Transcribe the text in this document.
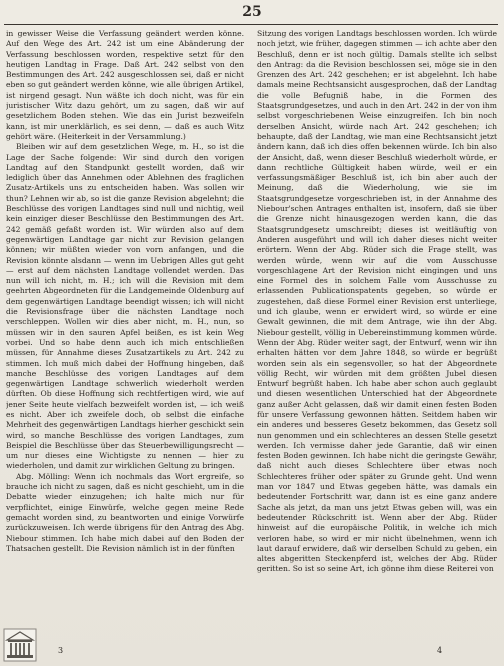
25

in gewisser Weise die Verfassung geändert werden könne. Auf den Wege des Art. 242 ist um eine Abänderung der Verfassung beschlossen worden, respektive setzt für den heutigen Landtag in Frage. Daß Art. 242 selbst von den Bestimmungen des Art. 242 ausgeschlossen sei, daß er nicht eben so gut geändert werden könne, wie alle übrigen Artikel, ist nirgend gesagt. Nun wäßte ich doch nicht, was für ein juristischer Witz dazu gehört, um zu sagen, daß wir auf gesetzlichem Boden stehen. Wie das ein Jurist bezweifeln kann, ist mir unerklärlich, es sei denn, — daß es auch Witz gehört wäre. (Heiterkeit in der Versammlung.)

Bleiben wir auf dem gesetzlichen Wege, m. H., so ist die Lage der Sache folgende: Wir sind durch den vorigen Landtag auf den Standpunkt gestellt worden, daß wir lediglich über das Annehmen oder Ablehnen des fraglichen Zusatz-Artikels uns zu entscheiden haben. Was sollen wir thun? Lehnen wir ab, so ist die ganze Revision abgelehnt; die Beschlüsse des vorigen Landtages sind null und nichtig, weil kein einziger dieser Beschlüsse den Bestimmungen des Art. 242 gemäß gefaßt worden ist. Wir würden also auf dem gegenwärtigen Landtage gar nicht zur Revision gelangen können; wir müßten wieder von vorn anfangen, und die Revision könnte alsdann — wenn im Uebrigen Alles gut geht — erst auf dem nächsten Landtage vollendet werden. Das nun will ich nicht, m. H.; ich will die Revision mit dem geehrten Abgeordneten für die Landgemeinde Oldenburg auf dem gegenwärtigen Landtage beendigt wissen; ich will nicht die Revisionsfrage über die nächsten Landtage noch verschleppen. Wollen wir dies aber nicht, m. H., nun, so müssen wir in den sauren Apfel beißen, es ist kein Weg vorbei. Und so habe denn auch ich mich entschließen müssen, für Annahme dieses Zusatzartikels zu Art. 242 zu stimmen. Ich muß mich dabei der Hoffnung hingeben, daß manche Beschlüsse des vorigen Landtages auf dem gegenwärtigen Landtage schwerlich wiederholt werden dürften. Ob diese Hoffnung sich rechtfertigen wird, wie auf jener Seite heute vielfach bezweifelt worden ist, — ich weiß es nicht. Aber ich zweifele doch, ob selbst die einfache Mehrheit des gegenwärtigen Landtags hierher geschickt sein wird, so manche Beschlüsse des vorigen Landtages, zum Beispiel die Beschlüsse über das Steuerbewilligungsrecht — um nur dieses eine Wichtigste zu nennen — hier zu wiederholen, und damit zur wirklichen Geltung zu bringen.

Abg. Mölling: Wenn ich nochmals das Wort ergreife, so brauche ich nicht zu sagen, daß es nicht geschieht, um in die Debatte wieder einzugehen; ich halte mich nur für verpflichtet, einige Einwürfe, welche gegen meine Rede gemacht worden sind, zu beantworten und einige Vorwürfe zurückzuweisen. Ich werde übrigens für den Antrag des Abg. Niebour stimmen. Ich habe mich dabei auf den Boden der Thatsachen gestellt. Die Revision nämlich ist in der fünften

Sitzung des vorigen Landtags beschlossen worden. Ich würde noch jetzt, wie früher, dagegen stimmen — ich achte aber den Beschluß, denn er ist noch gültig. Damals stellte ich selbst den Antrag: da die Revision beschlossen sei, möge sie in den Grenzen des Art. 242 geschehen; er ist abgelehnt. Ich habe damals meine Rechtsansicht ausgesprochen, daß der Landtag die volle Befugniß habe, in die Formen des Staatsgrundgesetzes, und auch in den Art. 242 in der von ihm selbst vorgeschriebenen Weise einzugreifen. Ich bin noch derselben Ansicht, würde nach Art. 242 geschehen; ich behaupte, daß der Landtag, wie man eine Rechtsansicht jetzt ändern kann, daß ich dies offen bekennen würde. Ich bin also der Ansicht, daß, wenn dieser Beschluß wiederholt würde, er dann rechtliche Gültigkeit haben würde, weil er ein verfassungsmäßiger Beschluß ist, ich bin aber auch der Meinung, daß die Wiederholung, wie sie im Staatsgrundgesetze vorgeschrieben ist, in der Annahme des Niebour'schen Antrages enthalten ist, insofern, daß sie über die Grenze nicht hinausgezogen werden kann, die das Staatsgrundgesetz umschreibt; dieses ist weitläuftig von Anderen ausgeführt und will ich daher dieses nicht weiter erörtern. Wenn der Abg. Rüder sich die Frage stellt, was werden würde, wenn wir auf die vom Ausschusse vorgeschlagene Art der Revision nicht eingingen und uns eine Formel des in solchem Falle vom Ausschusse zu erlassenden Publicationspatents gegeben, so würde er zugestehen, daß diese Formel einer Revision erst unterliege, und ich glaube, wenn er erwidert wird, so würde er eine Gewalt gewinnen, die mit dem Antrage, wie ihn der Abg. Niebour gestellt, völlig in Uebereinstimmung kommen würde. Wenn der Abg. Rüder weiter sagt, der Entwurf, wenn wir ihn erhalten hätten vor dem Jahre 1848, so würde er begrüßt worden sein als ein segensvoller, so hat der Abgeordnete völlig Recht, wir würden mit dem größten Jubel diesen Entwurf begrüßt haben. Ich habe aber schon auch geglaubt und diesen wesentlichen Unterschied hat der Abgeordnete ganz außer Acht gelassen, daß wir damit einen festen Boden für unsere Verfassung gewonnen hätten. Seitdem haben wir ein anderes und besseres Gesetz bekommen, das Gesetz soll nun genommen und ein schlechteres an dessen Stelle gesetzt werden. Ich vermisse daher jede Garantie, daß wir einen festen Boden gewinnen. Ich habe nicht die geringste Gewähr, daß nicht auch dieses Schlechtere über etwas noch Schlechteres früher oder später zu Grunde geht. Und wenn man vor 1847 und Etwas gegeben hätte, was damals ein bedeutender Fortschritt war, dann ist es eine ganz andere Sache als jetzt, da man uns jetzt Etwas geben will, was ein bedeutender Rückschritt ist. Wenn aber der Abg. Rüder hinweist auf die europäische Politik, in welche ich mich verloren habe, so wird er mir nicht übelnehmen, wenn ich laut darauf erwidere, daß wir derselben Schuld zu geben, ein altes abgeritten Steckenpferd ist, welches der Abg. Rüder geritten. So ist so seine Art, ich gönne ihm diese Reiterei von

3	4
